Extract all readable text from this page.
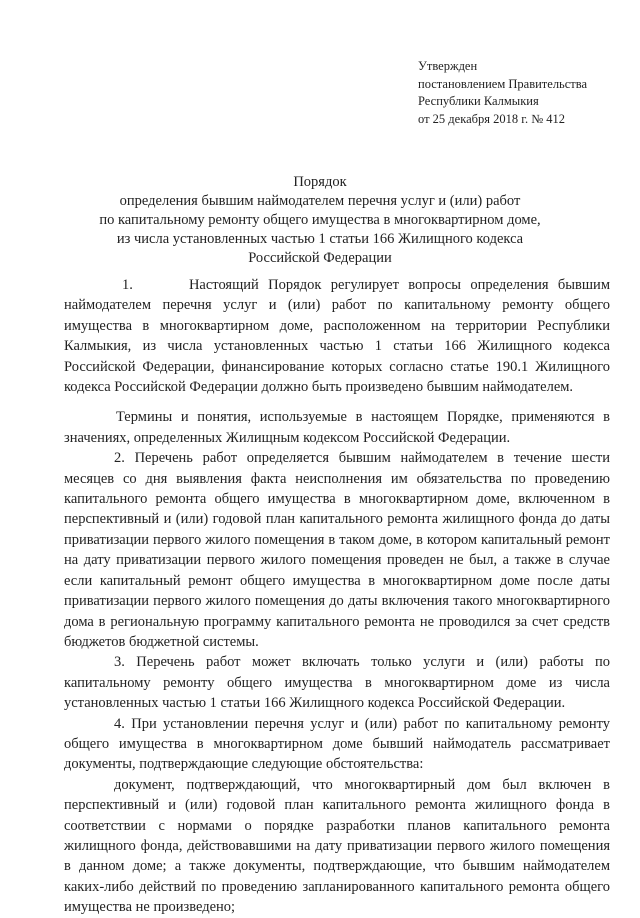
Утвержден
постановлением Правительства
Республики Калмыкия
от 25 декабря 2018 г. № 412
Порядок
определения бывшим наймодателем перечня услуг и (или) работ
по капитальному ремонту общего имущества в многоквартирном доме,
из числа установленных частью 1 статьи 166 Жилищного кодекса
Российской Федерации

1.      Настоящий Порядок регулирует вопросы определения бывшим наймодателем перечня услуг и (или) работ по капитальному ремонту общего имущества в многоквартирном доме, расположенном на территории Республики Калмыкия, из числа установленных частью 1 статьи 166 Жилищного кодекса Российской Федерации, финансирование которых согласно статье 190.1 Жилищного кодекса Российской Федерации должно быть произведено бывшим наймодателем.

Термины и понятия, используемые в настоящем Порядке, применяются в значениях, определенных Жилищным кодексом Российской Федерации.

2. Перечень работ определяется бывшим наймодателем в течение шести месяцев со дня выявления факта неисполнения им обязательства по проведению капитального ремонта общего имущества в многоквартирном доме, включенном в перспективный и (или) годовой план капитального ремонта жилищного фонда до даты приватизации первого жилого помещения в таком доме, в котором капитальный ремонт на дату приватизации первого жилого помещения проведен не был, а также в случае если капитальный ремонт общего имущества в многоквартирном доме после даты приватизации первого жилого помещения до даты включения такого многоквартирного дома в региональную программу капитального ремонта не проводился за счет средств бюджетов бюджетной системы.

3. Перечень работ может включать только услуги и (или) работы по капитальному ремонту общего имущества в многоквартирном доме из числа установленных частью 1 статьи 166 Жилищного кодекса Российской Федерации.

4. При установлении перечня услуг и (или) работ по капитальному ремонту общего имущества в многоквартирном доме бывший наймодатель рассматривает документы, подтверждающие следующие обстоятельства:

документ, подтверждающий, что многоквартирный дом был включен в перспективный и (или) годовой план капитального ремонта жилищного фонда в соответствии с нормами о порядке разработки планов капитального ремонта жилищного фонда, действовавшими на дату приватизации первого жилого помещения в данном доме; а также документы, подтверждающие, что бывшим наймодателем каких-либо действий по проведению запланированного капитального ремонта общего имущества не произведено;
